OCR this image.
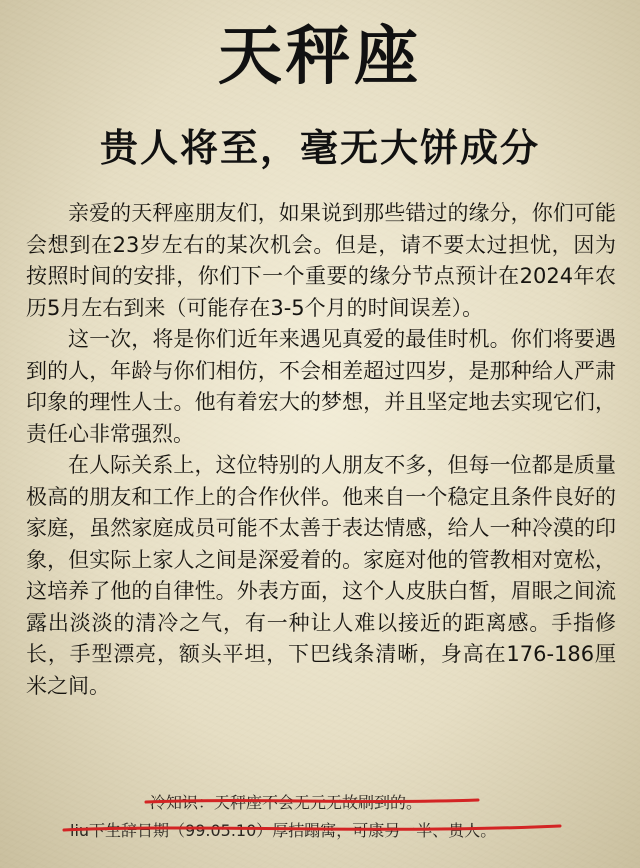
天秤座
贵人将至，毫无大饼成分

亲爱的天秤座朋友们，如果说到那些错过的缘分，你们可能会想到在23岁左右的某次机会。但是，请不要太过担忧，因为按照时间的安排，你们下一个重要的缘分节点预计在2024年农历5月左右到来（可能存在3-5个月的时间误差）。

这一次，将是你们近年来遇见真爱的最佳时机。你们将要遇到的人，年龄与你们相仿，不会相差超过四岁，是那种给人严肃印象的理性人士。他有着宏大的梦想，并且坚定地去实现它们，责任心非常强烈。

在人际关系上，这位特别的人朋友不多，但每一位都是质量极高的朋友和工作上的合作伙伴。他来自一个稳定且条件良好的家庭，虽然家庭成员可能不太善于表达情感，给人一种冷漠的印象，但实际上家人之间是深爱着的。家庭对他的管教相对宽松，这培养了他的自律性。外表方面，这个人皮肤白皙，眉眼之间流露出淡淡的清冷之气，有一种让人难以接近的距离感。手指修长，手型漂亮，额头平坦，下巴线条清晰，身高在176-186厘米之间。

冷知识：天秤座不会无元无故刷到的。
liu下生辞日期（99.05.10）厚拮蹋寓，可康另一半、贵人。
